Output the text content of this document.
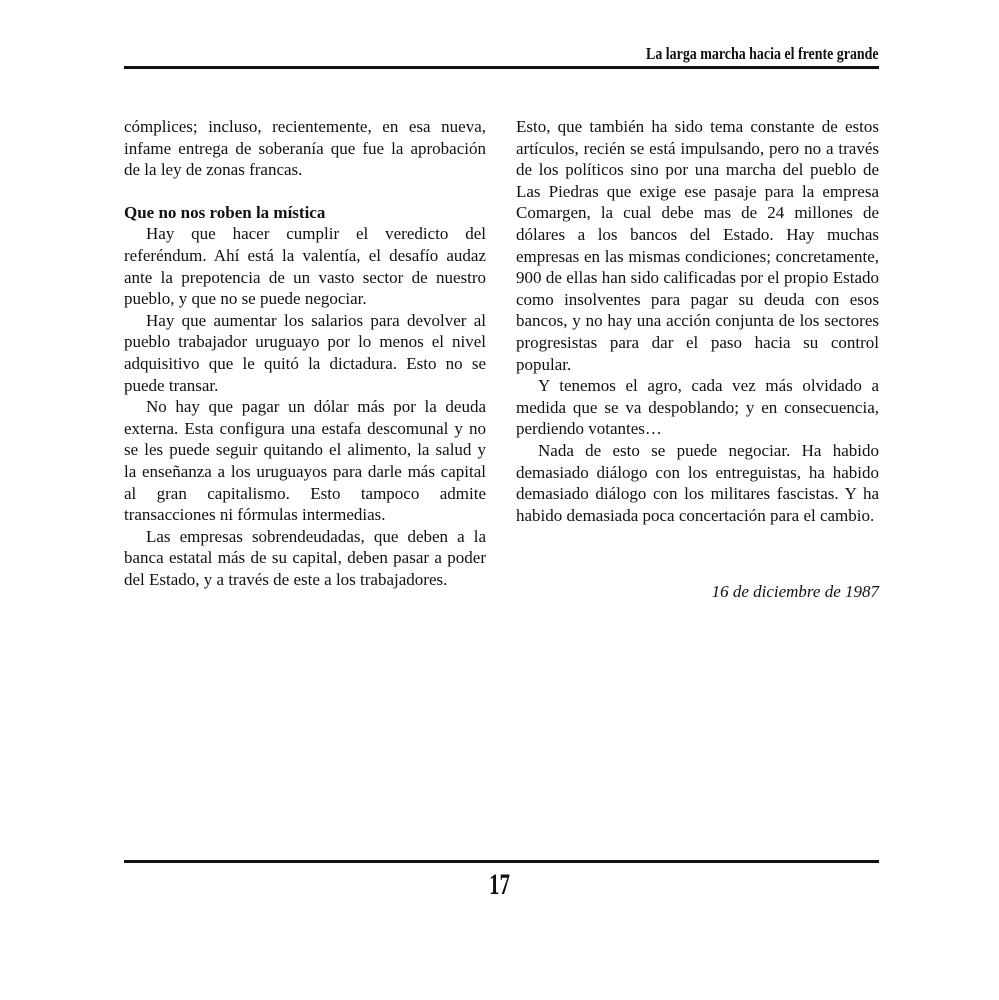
La larga marcha hacia el frente grande

cómplices; incluso, recientemente, en esa nueva, infame entrega de soberanía que fue la aprobación de la ley de zonas francas.

Que no nos roben la mística

Hay que hacer cumplir el veredicto del referéndum. Ahí está la valentía, el desafío audaz ante la prepotencia de un vasto sector de nuestro pueblo, y que no se puede negociar.

Hay que aumentar los salarios para devolver al pueblo trabajador uruguayo por lo menos el nivel adquisitivo que le quitó la dictadura. Esto no se puede transar.

No hay que pagar un dólar más por la deuda externa. Esta configura una estafa descomunal y no se les puede seguir quitando el alimento, la salud y la enseñanza a los uruguayos para darle más capital al gran capitalismo. Esto tampoco admite transacciones ni fórmulas intermedias.

Las empresas sobrendeudadas, que deben a la banca estatal más de su capital, deben pasar a poder del Estado, y a través de este a los trabajadores.

Esto, que también ha sido tema constante de estos artículos, recién se está impulsando, pero no a través de los políticos sino por una marcha del pueblo de Las Piedras que exige ese pasaje para la empresa Comargen, la cual debe mas de 24 millones de dólares a los bancos del Estado. Hay muchas empresas en las mismas condiciones; concretamente, 900 de ellas han sido calificadas por el propio Estado como insolventes para pagar su deuda con esos bancos, y no hay una acción conjunta de los sectores progresistas para dar el paso hacia su control popular.

Y tenemos el agro, cada vez más olvidado a medida que se va despoblando; y en consecuencia, perdiendo votantes…

Nada de esto se puede negociar. Ha habido demasiado diálogo con los entreguistas, ha habido demasiado diálogo con los militares fascistas. Y ha habido demasiada poca concertación para el cambio.

16 de diciembre de 1987
17
